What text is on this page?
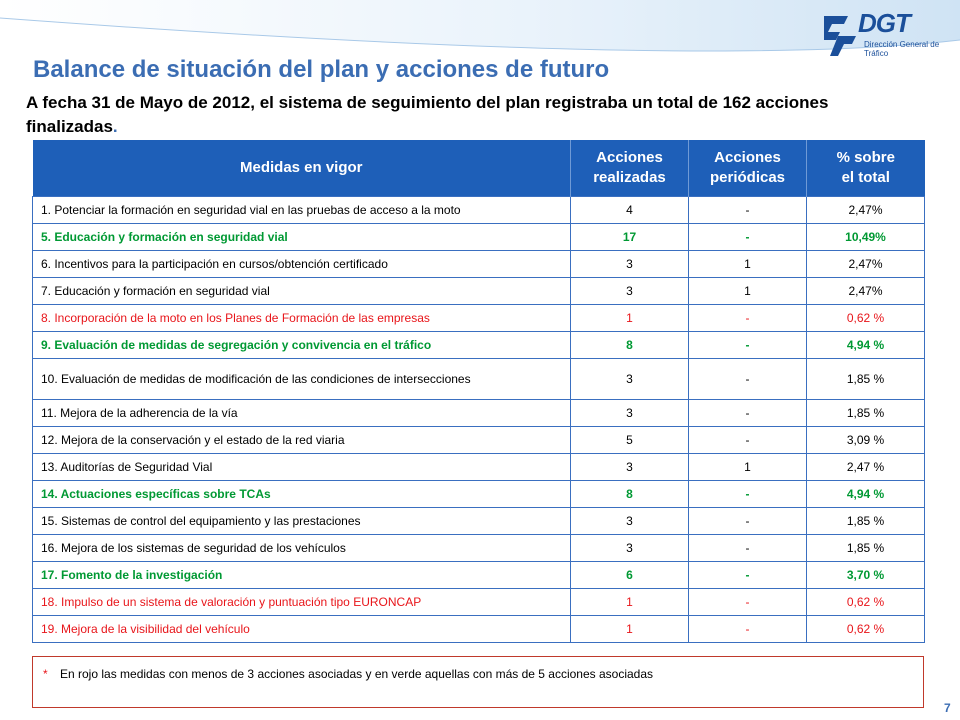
DGT
Dirección General de Tráfico
Balance de situación del plan y acciones de futuro
A fecha 31 de Mayo de 2012, el sistema de seguimiento del plan registraba un total de 162 acciones finalizadas.
Medidas en vigor	Acciones realizadas	Acciones periódicas	% sobre el total

1. Potenciar la formación en seguridad vial en las pruebas de acceso a la moto	4	-	2,47%
5. Educación y formación en seguridad vial	17	-	10,49%
6. Incentivos para la participación en cursos/obtención certificado	3	1	2,47%
7. Educación y formación en seguridad vial	3	1	2,47%
8. Incorporación de la moto en los Planes de Formación de las empresas	1	-	0,62 %
9. Evaluación de medidas de segregación y convivencia en el tráfico	8	-	4,94 %
10. Evaluación de medidas de modificación de las condiciones de intersecciones	3	-	1,85 %
11. Mejora de la adherencia de la vía	3	-	1,85 %
12. Mejora de la conservación y el estado de la red viaria	5	-	3,09 %
13. Auditorías de Seguridad Vial	3	1	2,47 %
14. Actuaciones específicas sobre TCAs	8	-	4,94 %
15. Sistemas de control del equipamiento y las prestaciones	3	-	1,85 %
16. Mejora de los sistemas de seguridad de los vehículos	3	-	1,85 %
17. Fomento de la investigación	6	-	3,70 %
18. Impulso de un sistema de valoración y puntuación tipo EURONCAP	1	-	0,62 %
19. Mejora de la visibilidad del vehículo	1	-	0,62 %
* En rojo las medidas con menos de 3 acciones asociadas y en verde aquellas con más de 5 acciones asociadas
7
